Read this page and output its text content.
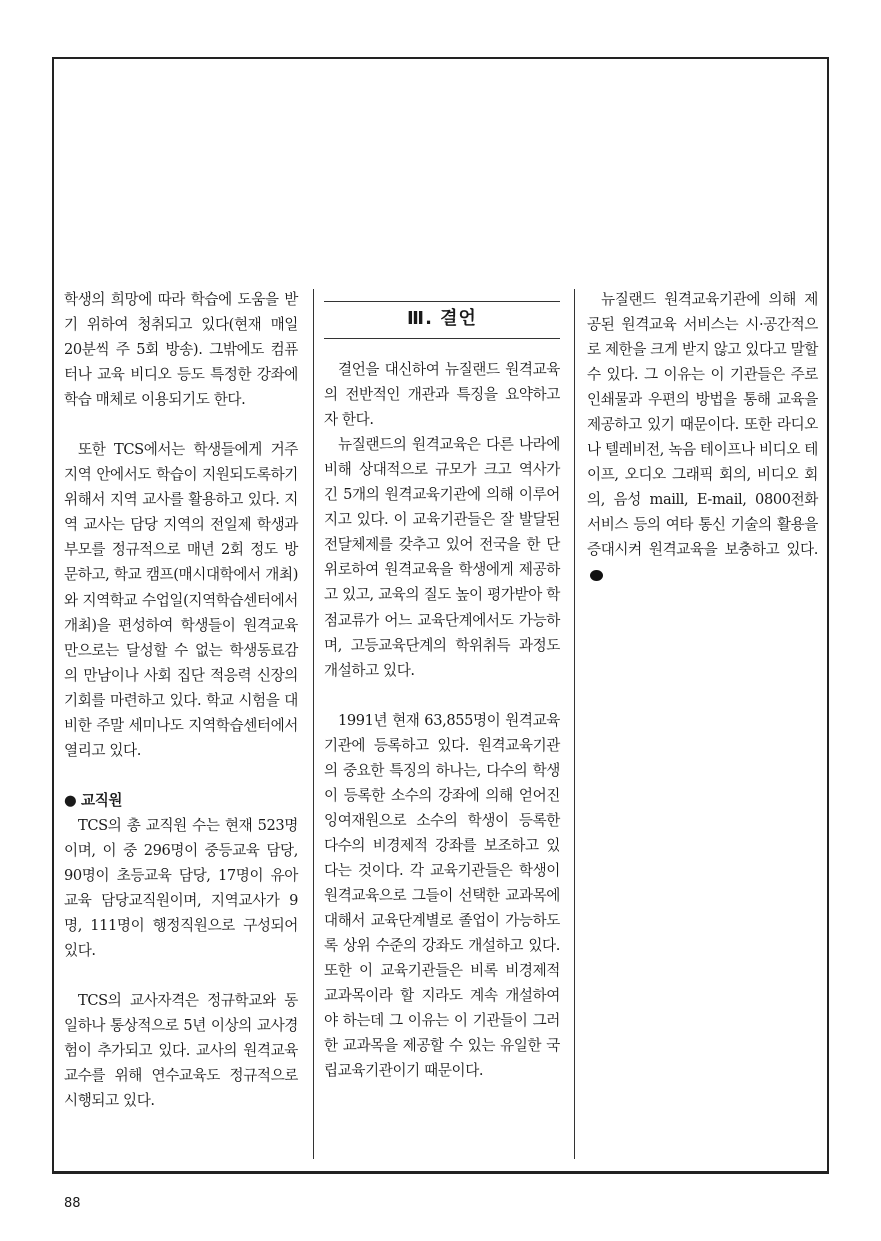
학생의 희망에 따라 학습에 도움을 받기 위하여 청취되고 있다(현재 매일 20분씩 주 5회 방송). 그밖에도 컴퓨터나 교육 비디오 등도 특정한 강좌에 학습 매체로 이용되기도 한다.

또한 TCS에서는 학생들에게 거주 지역 안에서도 학습이 지원되도록하기 위해서 지역 교사를 활용하고 있다. 지역 교사는 담당 지역의 전일제 학생과 부모를 정규적으로 매년 2회 정도 방문하고, 학교 캠프(매시대학에서 개최)와 지역학교 수업일(지역학습센터에서 개최)을 편성하여 학생들이 원격교육만으로는 달성할 수 없는 학생동료감의 만남이나 사회 집단 적응력 신장의 기회를 마련하고 있다. 학교 시험을 대비한 주말 세미나도 지역학습센터에서 열리고 있다.

● 교직원

TCS의 총 교직원 수는 현재 523명이며, 이 중 296명이 중등교육 담당, 90명이 초등교육 담당, 17명이 유아교육 담당교직원이며, 지역교사가 9명, 111명이 행정직원으로 구성되어 있다.

TCS의 교사자격은 정규학교와 동일하나 통상적으로 5년 이상의 교사경험이 추가되고 있다. 교사의 원격교육교수를 위해 연수교육도 정규적으로 시행되고 있다.

Ⅲ. 결언

결언을 대신하여 뉴질랜드 원격교육의 전반적인 개관과 특징을 요약하고자 한다.

뉴질랜드의 원격교육은 다른 나라에 비해 상대적으로 규모가 크고 역사가 긴 5개의 원격교육기관에 의해 이루어지고 있다. 이 교육기관들은 잘 발달된 전달체제를 갖추고 있어 전국을 한 단위로하여 원격교육을 학생에게 제공하고 있고, 교육의 질도 높이 평가받아 학점교류가 어느 교육단계에서도 가능하며, 고등교육단계의 학위취득 과정도 개설하고 있다.

1991년 현재 63,855명이 원격교육기관에 등록하고 있다. 원격교육기관의 중요한 특징의 하나는, 다수의 학생이 등록한 소수의 강좌에 의해 얻어진 잉여재원으로 소수의 학생이 등록한 다수의 비경제적 강좌를 보조하고 있다는 것이다. 각 교육기관들은 학생이 원격교육으로 그들이 선택한 교과목에 대해서 교육단계별로 졸업이 가능하도록 상위 수준의 강좌도 개설하고 있다. 또한 이 교육기관들은 비록 비경제적 교과목이라 할 지라도 계속 개설하여야 하는데 그 이유는 이 기관들이 그러한 교과목을 제공할 수 있는 유일한 국립교육기관이기 때문이다.

뉴질랜드 원격교육기관에 의해 제공된 원격교육 서비스는 시·공간적으로 제한을 크게 받지 않고 있다고 말할 수 있다. 그 이유는 이 기관들은 주로 인쇄물과 우편의 방법을 통해 교육을 제공하고 있기 때문이다. 또한 라디오나 텔레비전, 녹음 테이프나 비디오 테이프, 오디오 그래픽 회의, 비디오 회의, 음성 maill, E-mail, 0800전화 서비스 등의 여타 통신 기술의 활용을 증대시켜 원격교육을 보충하고 있다.

88
